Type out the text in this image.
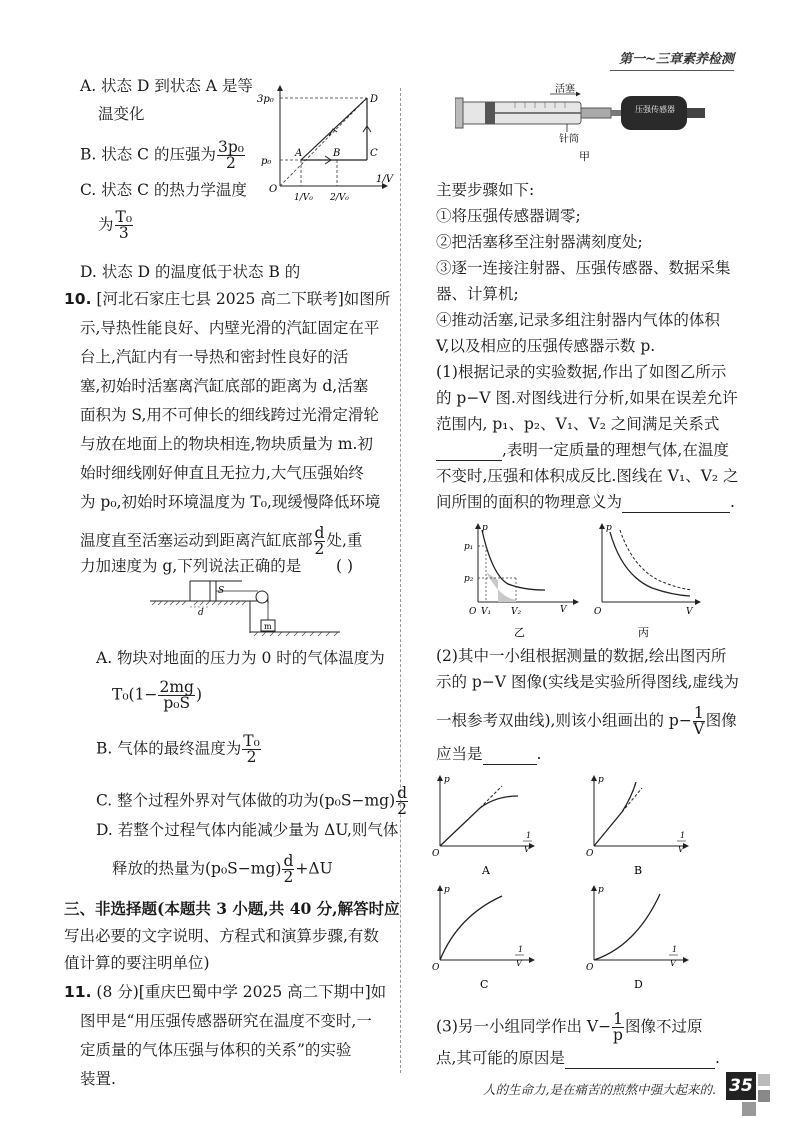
第一~三章素养检测
A. 状态 D 到状态 A 是等
温变化
B. 状态 C 的压强为 $\frac{\text{3p₀}}{2}$
C. 状态 C 的热力学温度
为 $\frac{\text{T₀}}{3}$
D. 状态 D 的温度低于状态 B 的
3p₀
p₀
O
1/V
1/V₀ 2/V₀
A	B	C
D
10. [河北石家庄七县 2025 高二下联考]如图所
示,导热性能良好、内壁光滑的汽缸固定在平
台上,汽缸内有一导热和密封性良好的活
塞,初始时活塞离汽缸底部的距离为 d,活塞
面积为 S,用不可伸长的细线跨过光滑定滑轮
与放在地面上的物块相连,物块质量为 m.初
始时细线刚好伸直且无拉力,大气压强始终
为 p₀,初始时环境温度为 T₀,现缓慢降低环境
温度直至活塞运动到距离汽缸底部 $\frac{d}{2}$ 处,重
力加速度为 g,下列说法正确的是 ( )
S
d
m
A. 物块对地面的压力为 0 时的气体温度为
$T_0(1- \frac{2mg}{\text{p₀S}}$ )
B. 气体的最终温度为 $\frac{\text{T₀}}{2}$
C. 整个过程外界对气体做的功为$(p_0S-mg) \frac{d}{2}$
D. 若整个过程气体内能减少量为 ΔU,则气体
释放的热量为$(p_0S-mg) \frac{d}{2} +\Delta U$
三、非选择题(本题共 3 小题,共 40 分,解答时应
写出必要的文字说明、方程式和演算步骤,有数
值计算的要注明单位)
11. (8 分)[重庆巴蜀中学 2025 高二下期中]如
图甲是“用压强传感器研究在温度不变时,一
定质量的气体压强与体积的关系”的实验
装置.
活塞
针筒
压强传感器
甲
主要步骤如下:
①将压强传感器调零;
②把活塞移至注射器满刻度处;
③逐一连接注射器、压强传感器、数据采集
器、计算机;
④推动活塞,记录多组注射器内气体的体积
V,以及相应的压强传感器示数 p.
(1)根据记录的实验数据,作出了如图乙所示
的 p−V 图.对图线进行分析,如果在误差允许
范围内, p₁、p₂、V₁、V₂ 之间满足关系式
,表明一定质量的理想气体,在温度
不变时,压强和体积成反比.图线在 V₁、V₂ 之
间所围的面积的物理意义为	.
p
p₁
p₂
O V₁ V₂	V
乙
p
O	V
丙
(2)其中一小组根据测量的数据,绘出图丙所
示的 p−V 图像(实线是实验所得图线,虚线为
一根参考双曲线),则该小组画出的 $p- \frac{1}{V}$ 图像
应当是	.
p
O
1
V
A
p
O
1
V
B
p
O
1
V
C
p
O
1
V
D
(3)另一小组同学作出 $V- \frac{1}{p}$ 图像不过原
点,其可能的原因是	.
人的生命力,是在痛苦的煎熬中强大起来的. 35
